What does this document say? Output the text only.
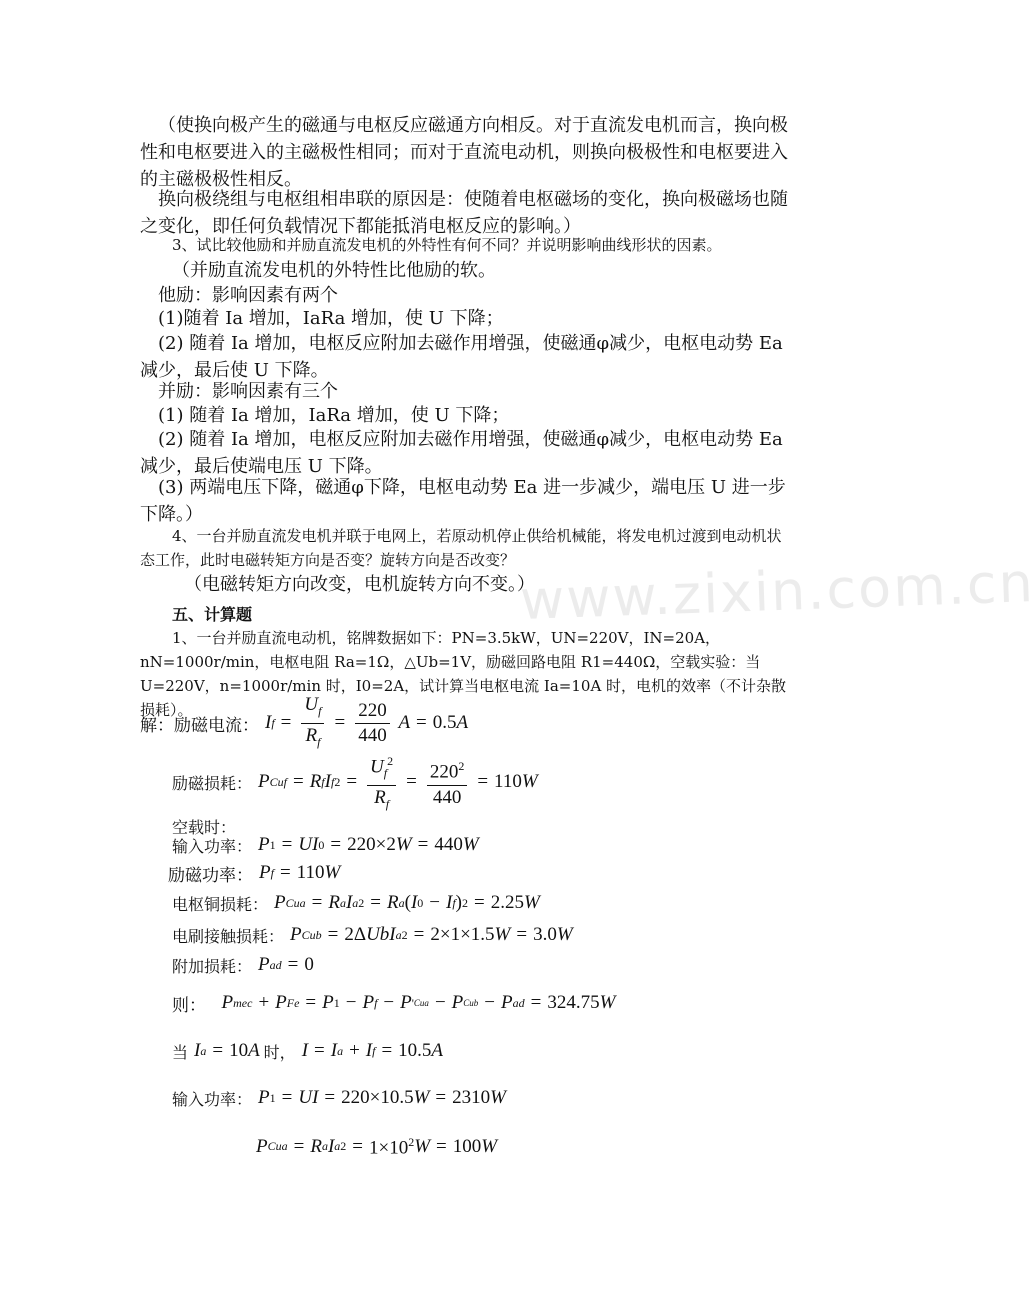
www.zixin.com.cn

（使换向极产生的磁通与电枢反应磁通方向相反。对于直流发电机而言，换向极性和电枢要进入的主磁极性相同；而对于直流电动机，则换向极极性和电枢要进入的主磁极极性相反。

换向极绕组与电枢组相串联的原因是：使随着电枢磁场的变化，换向极磁场也随之变化，即任何负载情况下都能抵消电枢反应的影响。）

3、试比较他励和并励直流发电机的外特性有何不同？并说明影响曲线形状的因素。

（并励直流发电机的外特性比他励的软。

他励：影响因素有两个

(1)随着 Ia 增加，IaRa 增加，使 U 下降；

(2) 随着 Ia 增加，电枢反应附加去磁作用增强，使磁通φ减少，电枢电动势 Ea 减少，最后使 U 下降。

并励：影响因素有三个

(1) 随着 Ia 增加，IaRa 增加，使 U 下降；

(2) 随着 Ia 增加，电枢反应附加去磁作用增强，使磁通φ减少，电枢电动势 Ea 减少，最后使端电压 U 下降。

(3) 两端电压下降，磁通φ下降，电枢电动势 Ea 进一步减少，端电压 U 进一步下降。）

4、一台并励直流发电机并联于电网上，若原动机停止供给机械能，将发电机过渡到电动机状态工作，此时电磁转矩方向是否变？旋转方向是否改变？

（电磁转矩方向改变，电机旋转方向不变。）

五、计算题

1、一台并励直流电动机，铭牌数据如下：PN=3.5kW，UN=220V，IN=20A，nN=1000r/min，电枢电阻 Ra=1Ω，△Ub=1V，励磁回路电阻 R1=440Ω，空载实验：当 U=220V，n=1000r/min 时，I0=2A，试计算当电枢电流 Ia=10A 时，电机的效率（不计杂散损耗）。

解：励磁电流： I $f = \frac{U_f}{R_f} = \frac{220}{440}$ A = 0.5 A
励磁损耗： P Cuf = R f I f $2 = \frac{U_f^2}{R_f} = \frac{220^2}{440} = 110$ W
空载时：
输入功率： P 1 = UI 0 = 220×2 W = 440 W
励磁功率： P f = 110 W
电枢铜损耗： P Cua = R a I a 2 = R a ( I 0 − I f ) 2 = 2.25 W
电刷接触损耗： P Cub = 2Δ UbI a 2 = 2×1×1.5 W = 3.0 W
附加损耗： P ad = 0
则： P mec + P Fe = P 1 − P f − P ' Cua − P Cub − P ad = 324.75 W
当 I a = 10 A 时， I = I a + I f = 10.5 A
输入功率： P 1 = UI = 220×10.5 W = 2310 W
P Cua = R a I a $2 = 1\times 10^2$ W = 100 W
